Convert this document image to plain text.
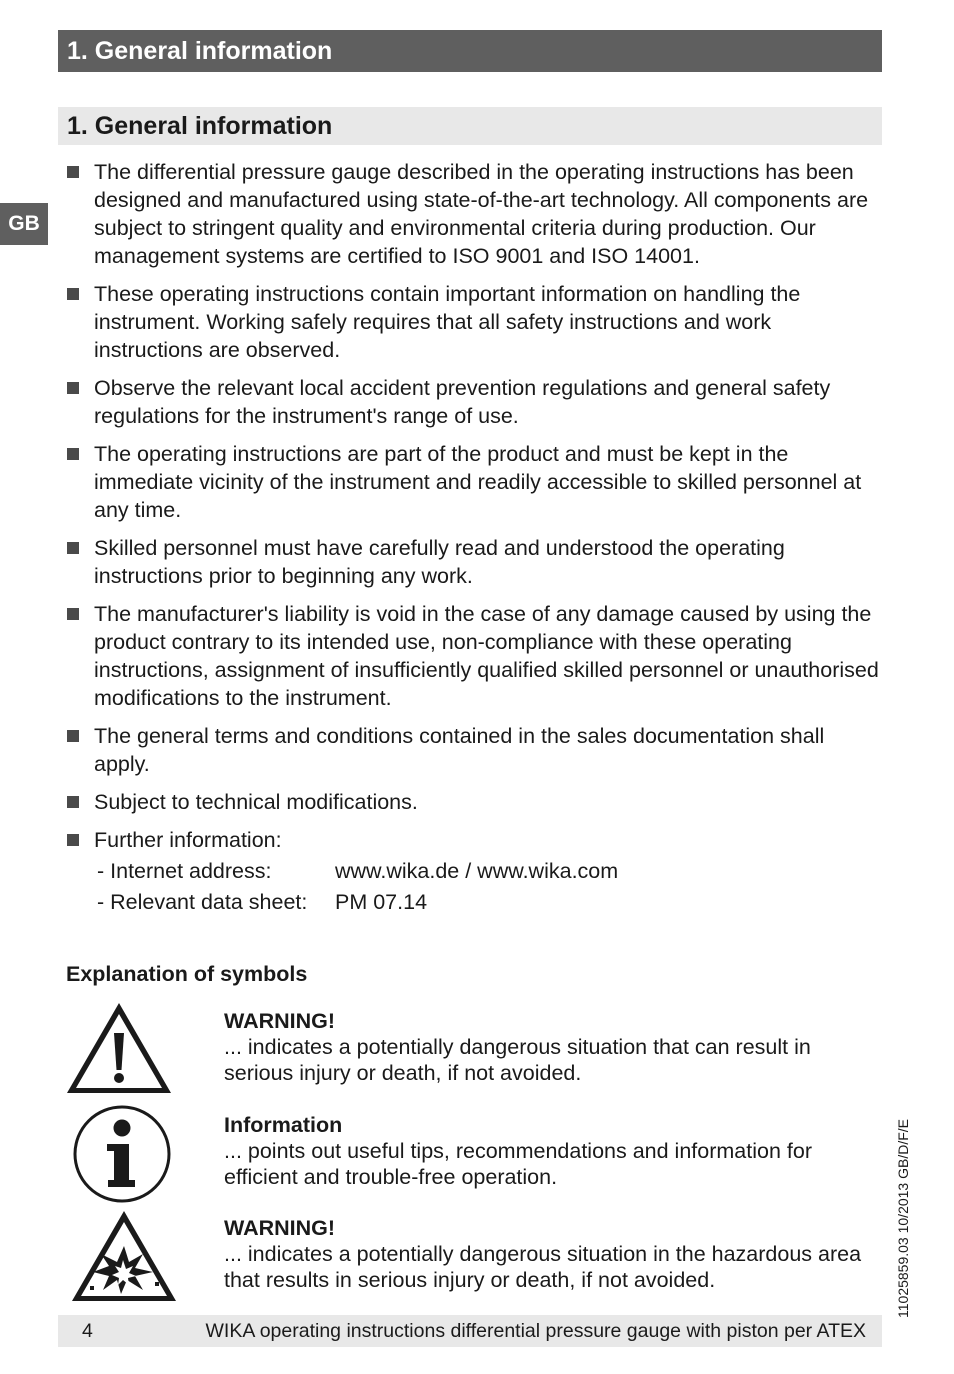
1. General information
GB
1. General information
The differential pressure gauge described in the operating instructions has been designed and manufactured using state-of-the-art technology. All components are subject to stringent quality and environmental criteria during production. Our management systems are certified to ISO 9001 and ISO 14001.
These operating instructions contain important information on handling the instrument. Working safely requires that all safety instructions and work instructions are observed.
Observe the relevant local accident prevention regulations and general safety regulations for the instrument's range of use.
The operating instructions are part of the product and must be kept in the immediate vicinity of the instrument and readily accessible to skilled personnel at any time.
Skilled personnel must have carefully read and understood the operating instructions prior to beginning any work.
The manufacturer's liability is void in the case of any damage caused by using the product contrary to its intended use, non-compliance with these operating instructions, assignment of insufficiently qualified skilled personnel or unauthorised modifications to the instrument.
The general terms and conditions contained in the sales documentation shall apply.
Subject to technical modifications.
Further information:
- Internet address:	www.wika.de / www.wika.com
- Relevant data sheet:	PM 07.14
Explanation of symbols
WARNING!
... indicates a potentially dangerous situation that can result in serious injury or death, if not avoided.
Information
... points out useful tips, recommendations and information for efficient and trouble-free operation.
WARNING!
... indicates a potentially dangerous situation in the hazardous area that results in serious injury or death, if not avoided.	11025859.03 10/2013 GB/D/F/E
4	WIKA operating instructions differential pressure gauge with piston per ATEX
